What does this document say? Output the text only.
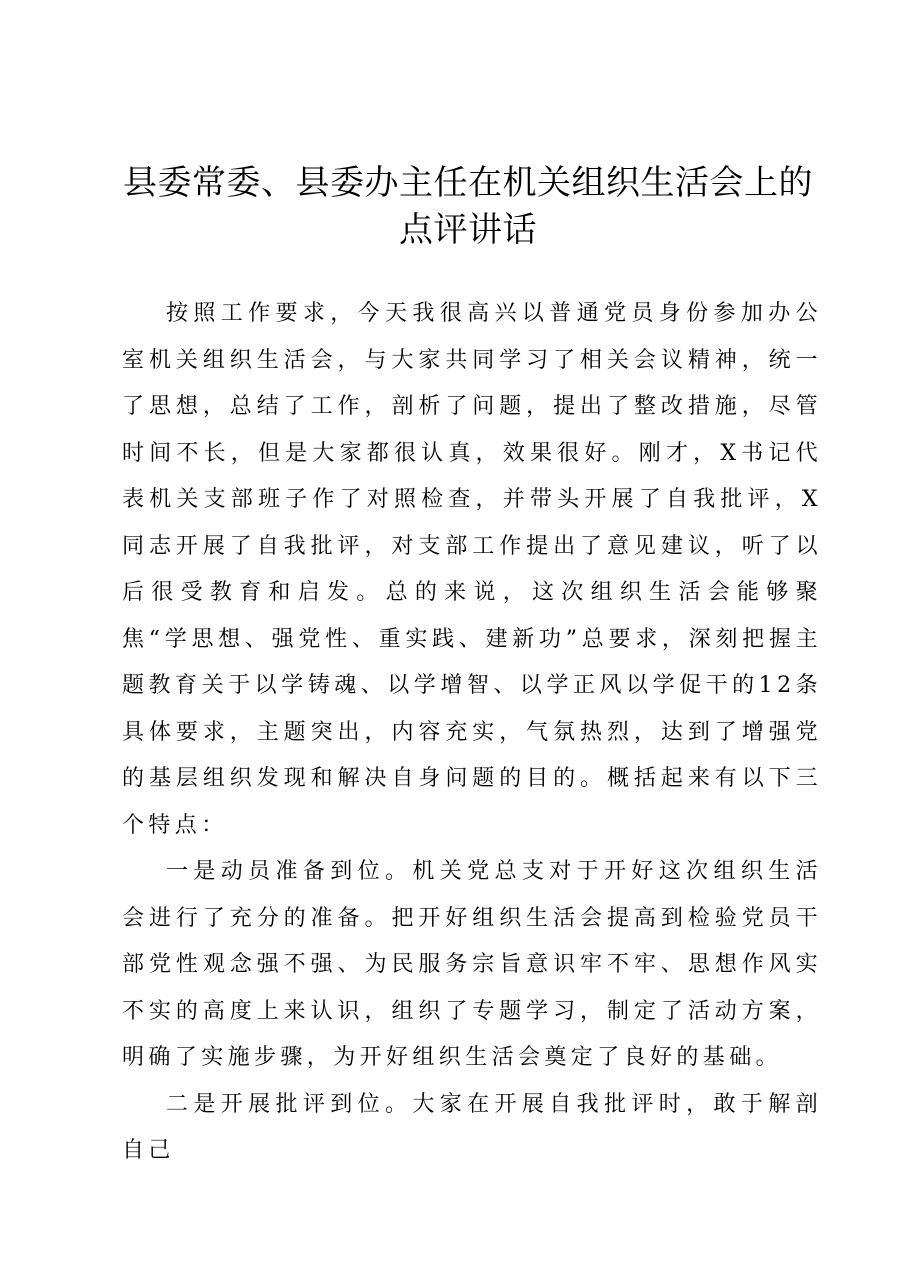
县委常委、县委办主任在机关组织生活会上的点评讲话

按照工作要求，今天我很高兴以普通党员身份参加办公室机关组织生活会，与大家共同学习了相关会议精神，统一了思想，总结了工作，剖析了问题，提出了整改措施，尽管时间不长，但是大家都很认真，效果很好。刚才，X书记代表机关支部班子作了对照检查，并带头开展了自我批评，X同志开展了自我批评，对支部工作提出了意见建议，听了以后很受教育和启发。总的来说，这次组织生活会能够聚焦“学思想、强党性、重实践、建新功”总要求，深刻把握主题教育关于以学铸魂、以学增智、以学正风以学促干的12条具体要求，主题突出，内容充实，气氛热烈，达到了增强党的基层组织发现和解决自身问题的目的。概括起来有以下三个特点：

一是动员准备到位。机关党总支对于开好这次组织生活会进行了充分的准备。把开好组织生活会提高到检验党员干部党性观念强不强、为民服务宗旨意识牢不牢、思想作风实不实的高度上来认识，组织了专题学习，制定了活动方案，明确了实施步骤，为开好组织生活会奠定了良好的基础。

二是开展批评到位。大家在开展自我批评时，敢于解剖自己
